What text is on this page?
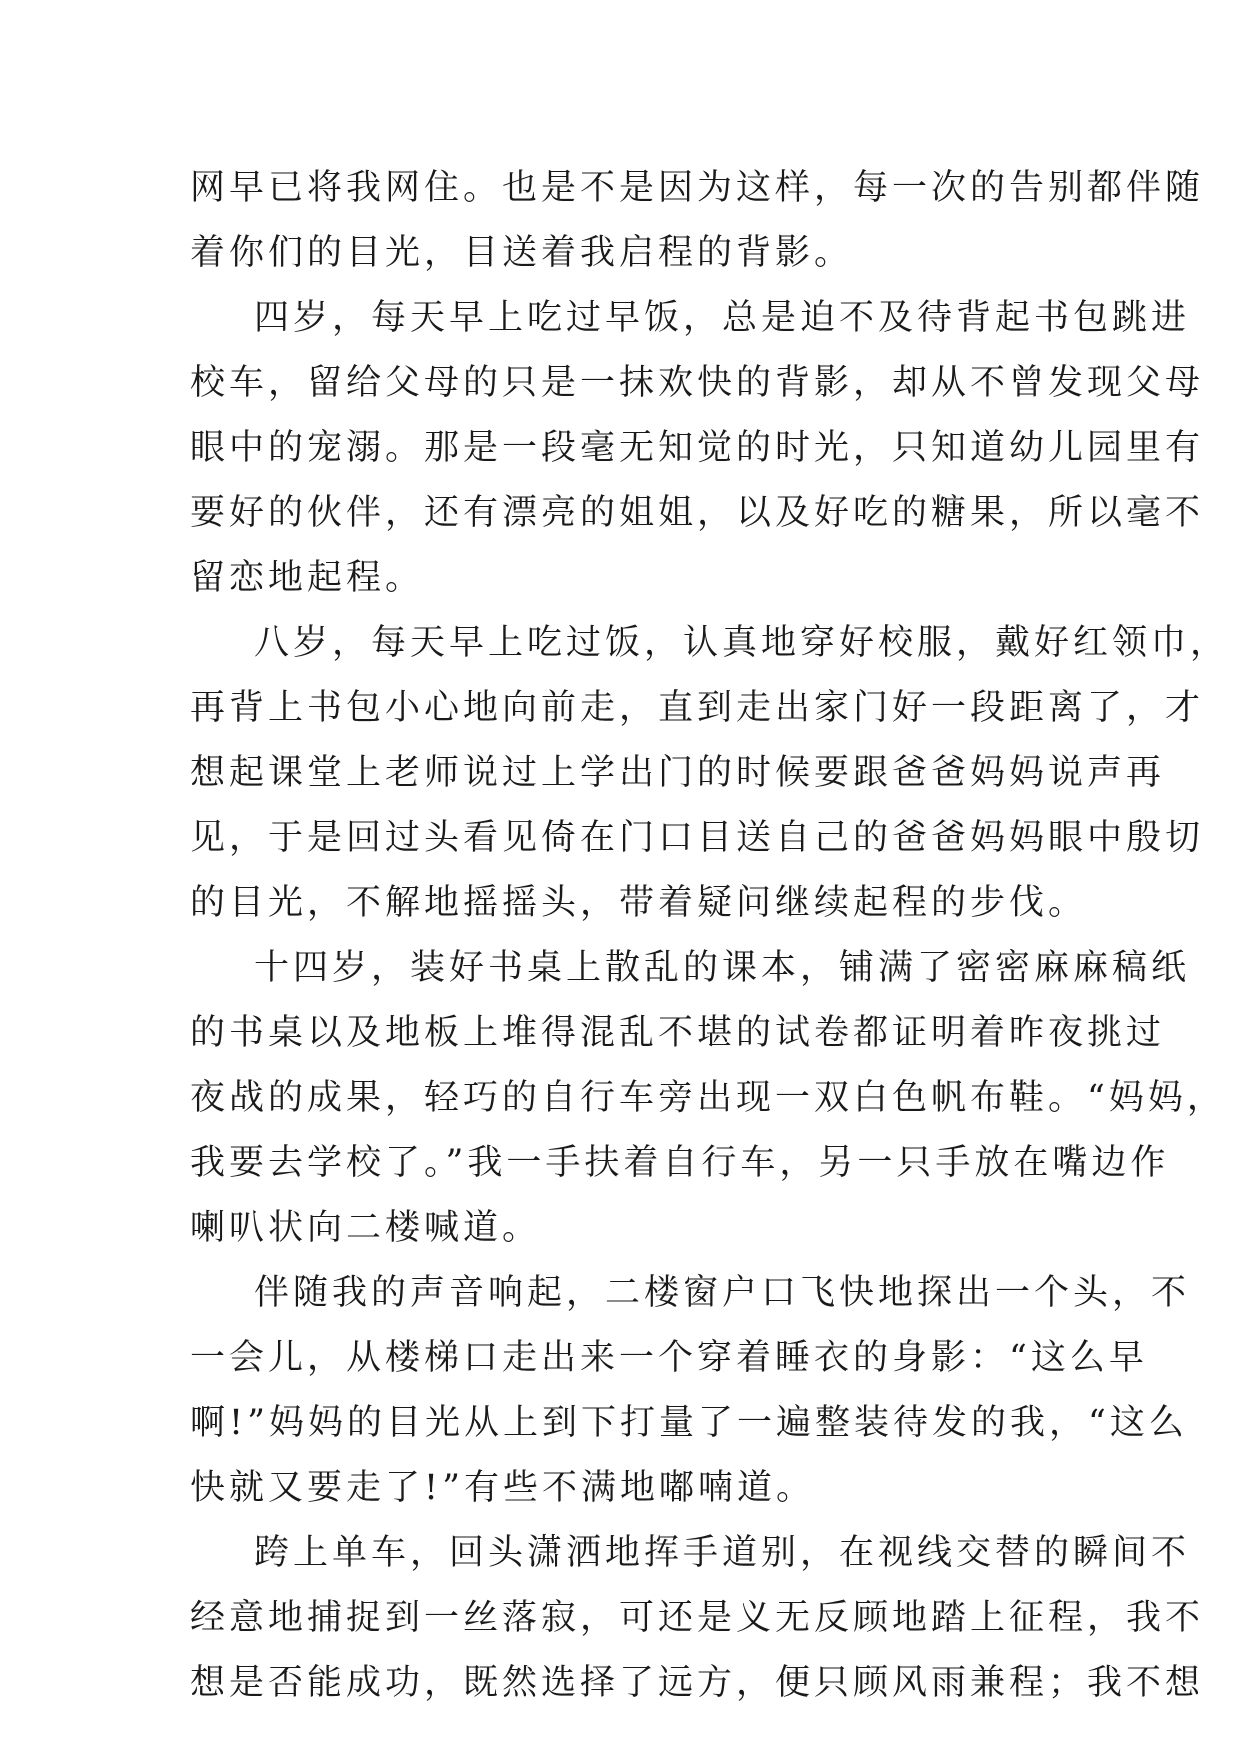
网早已将我网住。也是不是因为这样，每一次的告别都伴随

着你们的目光，目送着我启程的背影。

四岁，每天早上吃过早饭，总是迫不及待背起书包跳进

校车，留给父母的只是一抹欢快的背影，却从不曾发现父母

眼中的宠溺。那是一段毫无知觉的时光，只知道幼儿园里有

要好的伙伴，还有漂亮的姐姐，以及好吃的糖果，所以毫不

留恋地起程。

八岁，每天早上吃过饭，认真地穿好校服，戴好红领巾，

再背上书包小心地向前走，直到走出家门好一段距离了，才

想起课堂上老师说过上学出门的时候要跟爸爸妈妈说声再

见，于是回过头看见倚在门口目送自己的爸爸妈妈眼中殷切

的目光，不解地摇摇头，带着疑问继续起程的步伐。

十四岁，装好书桌上散乱的课本，铺满了密密麻麻稿纸

的书桌以及地板上堆得混乱不堪的试卷都证明着昨夜挑过

夜战的成果，轻巧的自行车旁出现一双白色帆布鞋。“妈妈，

我要去学校了。”我一手扶着自行车，另一只手放在嘴边作

喇叭状向二楼喊道。

伴随我的声音响起，二楼窗户口飞快地探出一个头，不

一会儿，从楼梯口走出来一个穿着睡衣的身影：“这么早

啊!”妈妈的目光从上到下打量了一遍整装待发的我，“这么

快就又要走了!”有些不满地嘟喃道。

跨上单车，回头潇洒地挥手道别，在视线交替的瞬间不

经意地捕捉到一丝落寂，可还是义无反顾地踏上征程，我不

想是否能成功，既然选择了远方，便只顾风雨兼程；我不想
